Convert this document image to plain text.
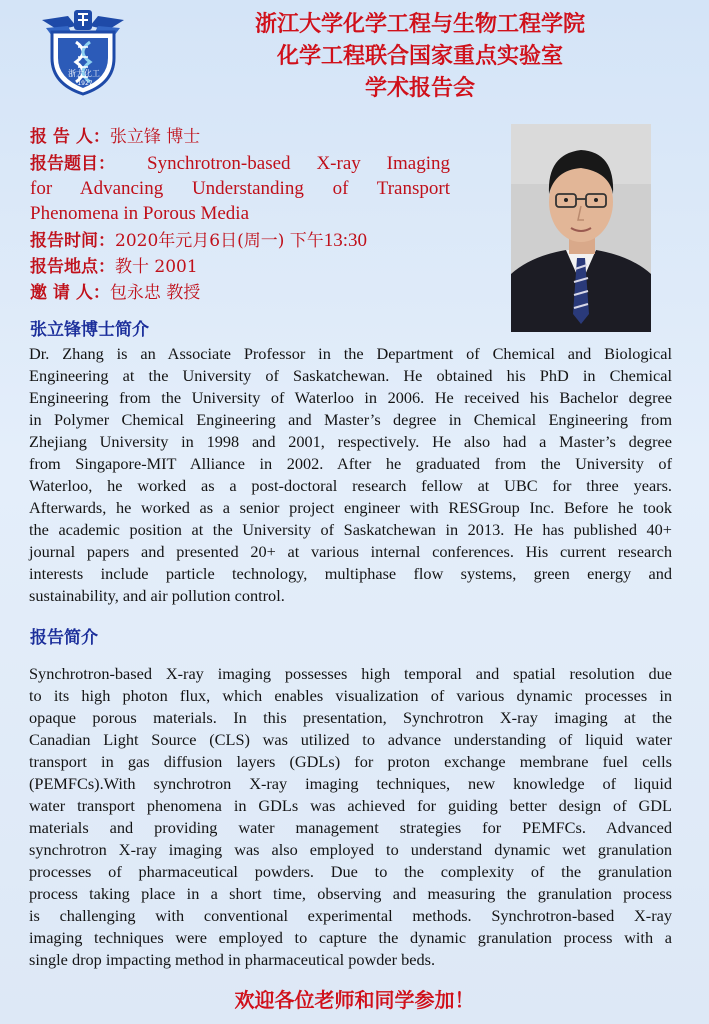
浙大化工
1927
浙江大学化学工程与生物工程学院
化学工程联合国家重点实验室
学术报告会
报 告 人：张立锋 博士
报告题目：	Synchrotron-based X-ray Imaging
for Advancing Understanding of Transport
Phenomena in Porous Media
报告时间：2020年元月6日(周一) 下午13:30
报告地点：教十 2001
邀 请 人：包永忠 教授
张立锋博士简介
Dr. Zhang is an Associate Professor in the Department of Chemical and Biological
Engineering at the University of Saskatchewan. He obtained his PhD in Chemical
Engineering from the University of Waterloo in 2006. He received his Bachelor degree
in Polymer Chemical Engineering and Master’s degree in Chemical Engineering from
Zhejiang University in 1998 and 2001, respectively. He also had a Master’s degree
from Singapore-MIT Alliance in 2002. After he graduated from the University of
Waterloo, he worked as a post-doctoral research fellow at UBC for three years.
Afterwards, he worked as a senior project engineer with RESGroup Inc. Before he took
the academic position at the University of Saskatchewan in 2013. He has published 40+
journal papers and presented 20+ at various internal conferences. His current research
interests include particle technology, multiphase flow systems, green energy and
sustainability, and air pollution control.
报告简介
Synchrotron-based X-ray imaging possesses high temporal and spatial resolution due
to its high photon flux, which enables visualization of various dynamic processes in
opaque porous materials. In this presentation, Synchrotron X-ray imaging at the
Canadian Light Source (CLS) was utilized to advance understanding of liquid water
transport in gas diffusion layers (GDLs) for proton exchange membrane fuel cells
(PEMFCs).With synchrotron X-ray imaging techniques, new knowledge of liquid
water transport phenomena in GDLs was achieved for guiding better design of GDL
materials and providing water management strategies for PEMFCs. Advanced
synchrotron X-ray imaging was also employed to understand dynamic wet granulation
processes of pharmaceutical powders. Due to the complexity of the granulation
process taking place in a short time, observing and measuring the granulation process
is challenging with conventional experimental methods. Synchrotron-based X-ray
imaging techniques were employed to capture the dynamic granulation process with a
single drop impacting method in pharmaceutical powder beds.
欢迎各位老师和同学参加！
